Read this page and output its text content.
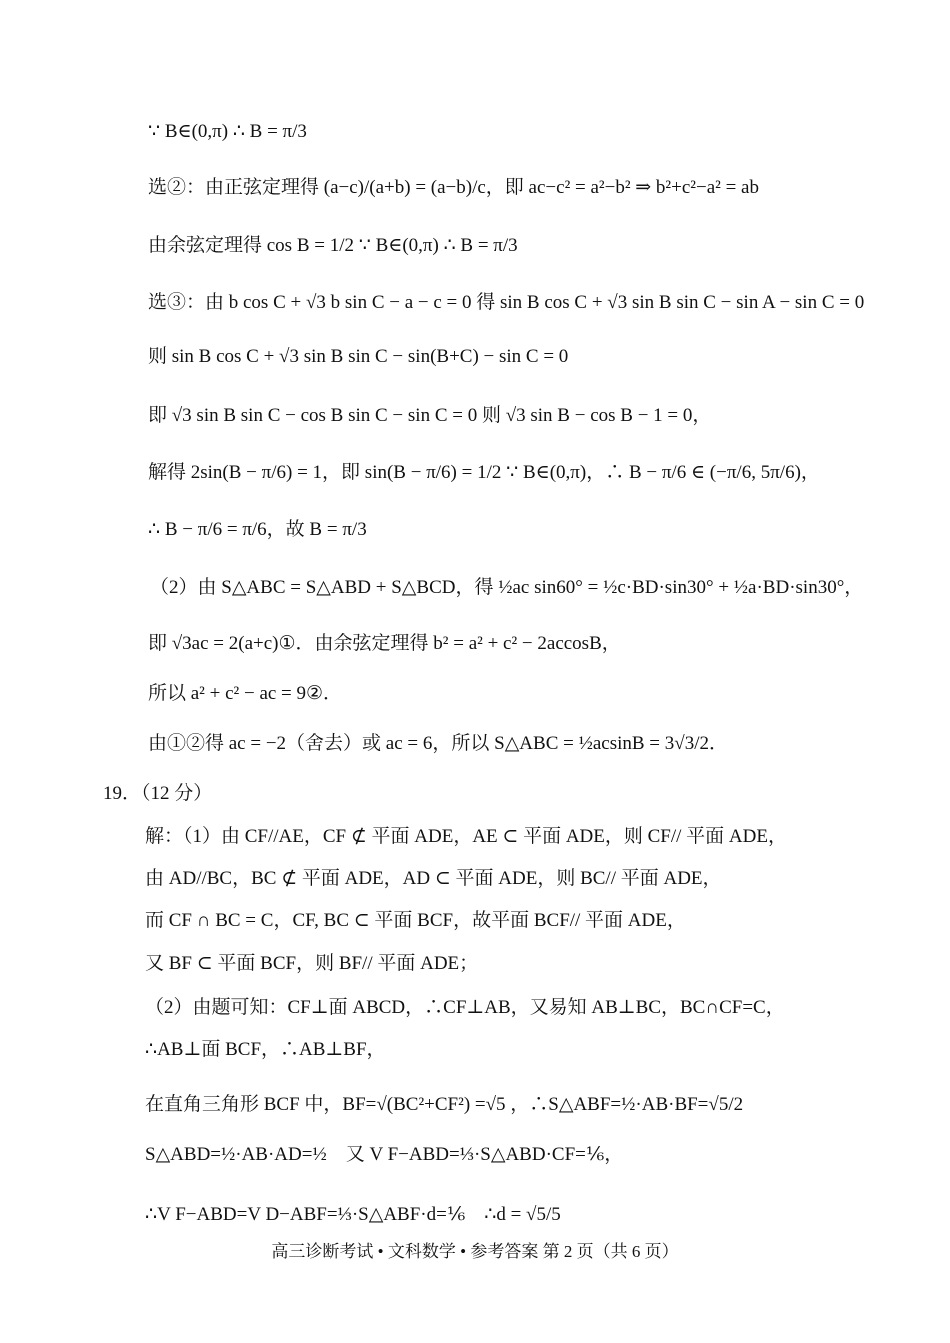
∵ B∈(0,π) ∴ B = π/3
选②：由正弦定理得 (a−c)/(a+b) = (a−b)/c，即 ac−c² = a²−b² ⇒ b²+c²−a² = ab
由余弦定理得 cos B = 1/2 ∵ B∈(0,π) ∴ B = π/3
选③：由 b cos C + √3 b sin C − a − c = 0 得 sin B cos C + √3 sin B sin C − sin A − sin C = 0
则 sin B cos C + √3 sin B sin C − sin(B+C) − sin C = 0
即 √3 sin B sin C − cos B sin C − sin C = 0 则 √3 sin B − cos B − 1 = 0，
解得 2sin(B − π/6) = 1，即 sin(B − π/6) = 1/2 ∵ B∈(0,π)，∴ B − π/6 ∈ (−π/6, 5π/6)，
∴ B − π/6 = π/6，故 B = π/3
（2）由 S△ABC = S△ABD + S△BCD，得 ½ac sin60° = ½c·BD·sin30° + ½a·BD·sin30°，
即 √3ac = 2(a+c)①．由余弦定理得 b² = a² + c² − 2accosB，
所以 a² + c² − ac = 9②．
由①②得 ac = −2（舍去）或 ac = 6，所以 S△ABC = ½acsinB = 3√3/2．
19．（12 分）
解：（1）由 CF//AE，CF ⊄ 平面 ADE，AE ⊂ 平面 ADE，则 CF// 平面 ADE，
由 AD//BC，BC ⊄ 平面 ADE，AD ⊂ 平面 ADE，则 BC// 平面 ADE，
而 CF ∩ BC = C，CF, BC ⊂ 平面 BCF，故平面 BCF// 平面 ADE，
又 BF ⊂ 平面 BCF，则 BF// 平面 ADE；
（2）由题可知：CF⊥面 ABCD，∴CF⊥AB，又易知 AB⊥BC，BC∩CF=C，
∴AB⊥面 BCF，∴AB⊥BF，
在直角三角形 BCF 中，BF=√(BC²+CF²) =√5 ，∴S△ABF=½·AB·BF=√5/2
S△ABD=½·AB·AD=½　又 V F−ABD=⅓·S△ABD·CF=⅙，
∴V F−ABD=V D−ABF=⅓·S△ABF·d=⅙　∴d = √5/5
高三诊断考试 • 文科数学 • 参考答案 第 2 页（共 6 页）
